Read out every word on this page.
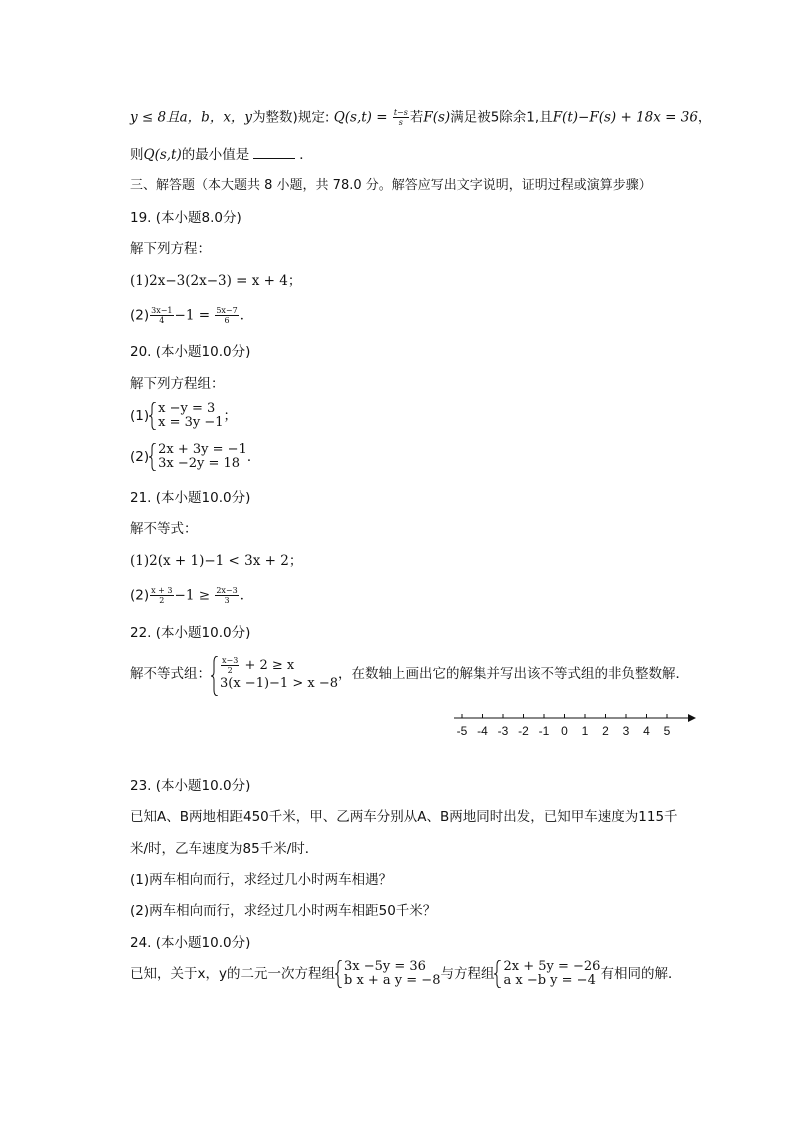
y ≤ 8且a，b，x，y为整数)规定: $Q(s,t) = \frac{t-s}{s}$ 若F(s)满足被5除余1,且F(t)−F(s) + 18x = 36，
则Q(s,t)的最小值是	．
三、解答题（本大题共 8 小题，共 78.0 分。解答应写出文字说明，证明过程或演算步骤）
19. (本小题8.0分)
解下列方程：
(1)2x−3(2x−3) = x + 4；
$(2) \frac{3x-1}{4} -1 = \frac{5x-7}{6}$ ．
20. (本小题10.0分)
解下列方程组：
(1) x −y = 3
x = 3y −1 ；
(2) 2x + 3y = −1
3x −2y = 18 ．
21. (本小题10.0分)
解不等式：
(1)2(x + 1)−1 < 3x + 2；
$(2) \frac{x + 3}{2} -1 \ge \frac{2x-3}{3}$ ．
22. (本小题10.0分)
解不等式组： $\frac{x-3}{2} + 2 \ge x$
3(x −1)−1 > x −8
，在数轴上画出它的解集并写出该不等式组的非负整数解．
-5 -4 -3 -2 -1 0 1 2 3 4 5
23. (本小题10.0分)
已知A、B两地相距450千米，甲、乙两车分别从A、B两地同时出发，已知甲车速度为115千
米/时，乙车速度为85千米/时．
(1)两车相向而行，求经过几小时两车相遇？
(2)两车相向而行，求经过几小时两车相距50千米？
24. (本小题10.0分)
已知，关于x，y的二元一次方程组 3x −5y = 36
b x + a y = −8 与方程组 2x + 5y = −26
a x −b y = −4 有相同的解．
